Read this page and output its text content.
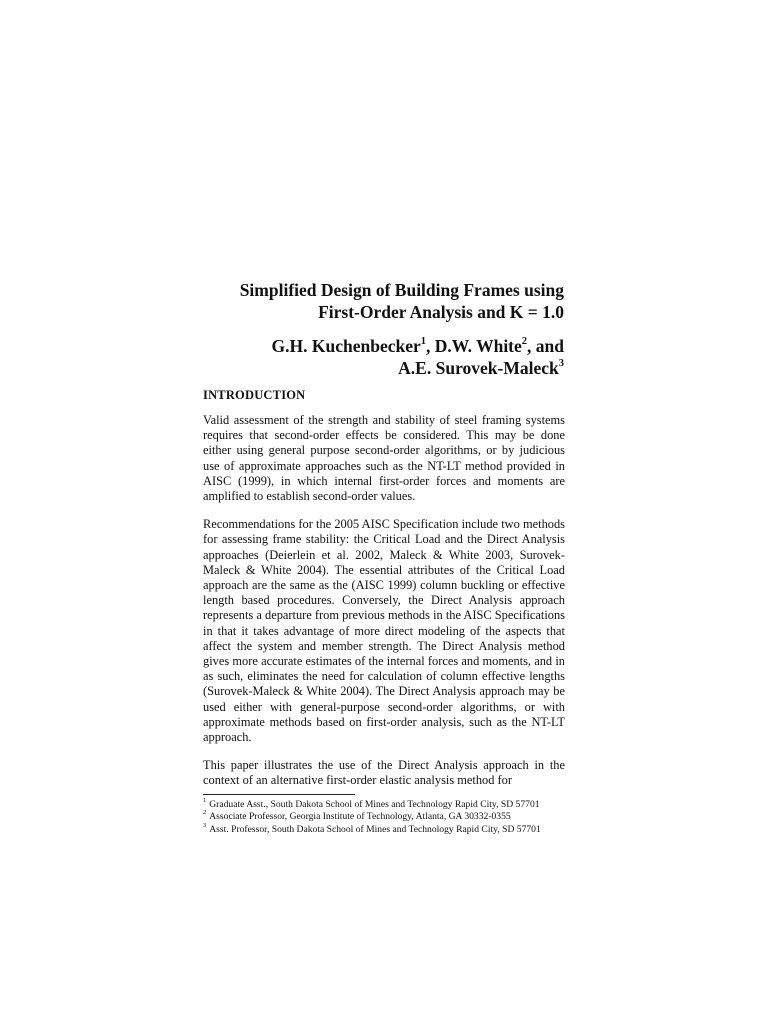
Simplified Design of Building Frames using
First-Order Analysis and K = 1.0
G.H. Kuchenbecker$^1$, D.W. White$^2$, and
A.E. Surovek-Maleck$^3$
INTRODUCTION

Valid assessment of the strength and stability of steel framing systems requires that second-order effects be considered. This may be done either using general purpose second-order algorithms, or by judicious use of approximate approaches such as the NT-LT method provided in AISC (1999), in which internal first-order forces and moments are amplified to establish second-order values.

Recommendations for the 2005 AISC Specification include two methods for assessing frame stability: the Critical Load and the Direct Analysis approaches (Deierlein et al. 2002, Maleck & White 2003, Surovek-Maleck & White 2004). The essential attributes of the Critical Load approach are the same as the (AISC 1999) column buckling or effective length based procedures. Conversely, the Direct Analysis approach represents a departure from previous methods in the AISC Specifications in that it takes advantage of more direct modeling of the aspects that affect the system and member strength. The Direct Analysis method gives more accurate estimates of the internal forces and moments, and in as such, eliminates the need for calculation of column effective lengths (Surovek-Maleck & White 2004). The Direct Analysis approach may be used either with general-purpose second-order algorithms, or with approximate methods based on first-order analysis, such as the NT-LT approach.

This paper illustrates the use of the Direct Analysis approach in the context of an alternative first-order elastic analysis method for

$^1$ Graduate Asst., South Dakota School of Mines and Technology Rapid City, SD 57701
$^2$ Associate Professor, Georgia Institute of Technology, Atlanta, GA 30332-0355
$^3$ Asst. Professor, South Dakota School of Mines and Technology Rapid City, SD 57701
